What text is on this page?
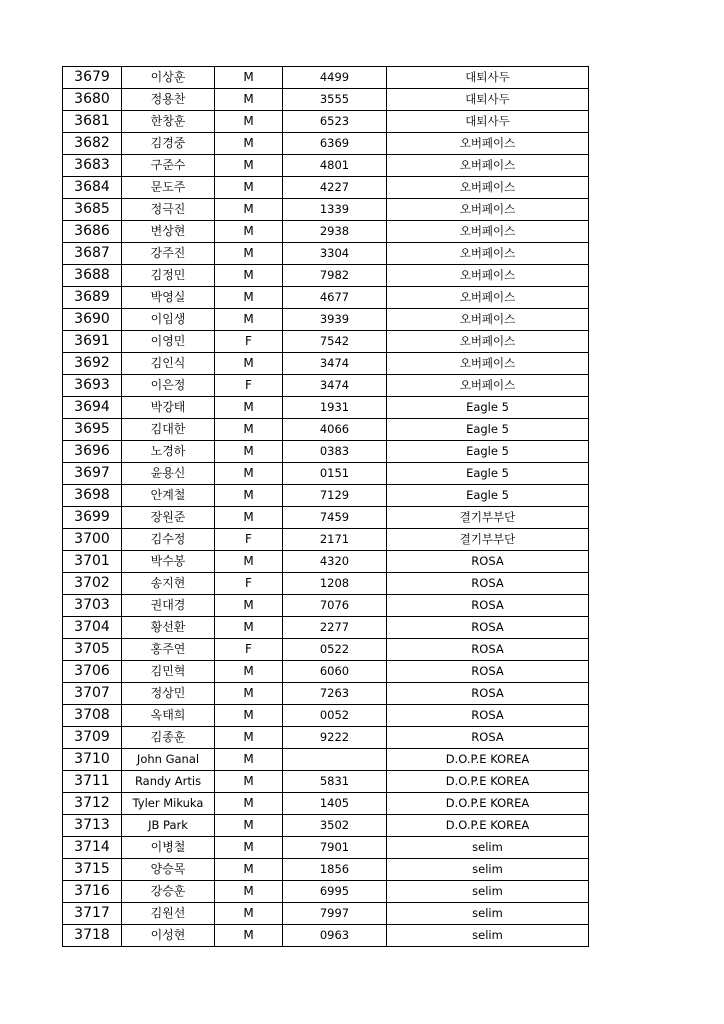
3679	이상훈	M	4499	대퇴사두
3680	정용찬	M	3555	대퇴사두
3681	한창훈	M	6523	대퇴사두
3682	김경중	M	6369	오버페이스
3683	구준수	M	4801	오버페이스
3684	문도주	M	4227	오버페이스
3685	정극진	M	1339	오버페이스
3686	변상현	M	2938	오버페이스
3687	강주진	M	3304	오버페이스
3688	김정민	M	7982	오버페이스
3689	박영실	M	4677	오버페이스
3690	이임생	M	3939	오버페이스
3691	이영민	F	7542	오버페이스
3692	김인식	M	3474	오버페이스
3693	이은정	F	3474	오버페이스
3694	박강태	M	1931	Eagle 5
3695	김대한	M	4066	Eagle 5
3696	노경하	M	0383	Eagle 5
3697	윤용신	M	0151	Eagle 5
3698	안계철	M	7129	Eagle 5
3699	장원준	M	7459	결기부부단
3700	김수정	F	2171	결기부부단
3701	박수봉	M	4320	ROSA
3702	송지현	F	1208	ROSA
3703	권대경	M	7076	ROSA
3704	황선환	M	2277	ROSA
3705	홍주연	F	0522	ROSA
3706	김민혁	M	6060	ROSA
3707	정상민	M	7263	ROSA
3708	옥태희	M	0052	ROSA
3709	김종훈	M	9222	ROSA
3710	John Ganal	M		D.O.P.E KOREA
3711	Randy Artis	M	5831	D.O.P.E KOREA
3712	Tyler Mikuka	M	1405	D.O.P.E KOREA
3713	JB Park	M	3502	D.O.P.E KOREA
3714	이병철	M	7901	selim
3715	양승목	M	1856	selim
3716	강승훈	M	6995	selim
3717	김원선	M	7997	selim
3718	이성현	M	0963	selim
